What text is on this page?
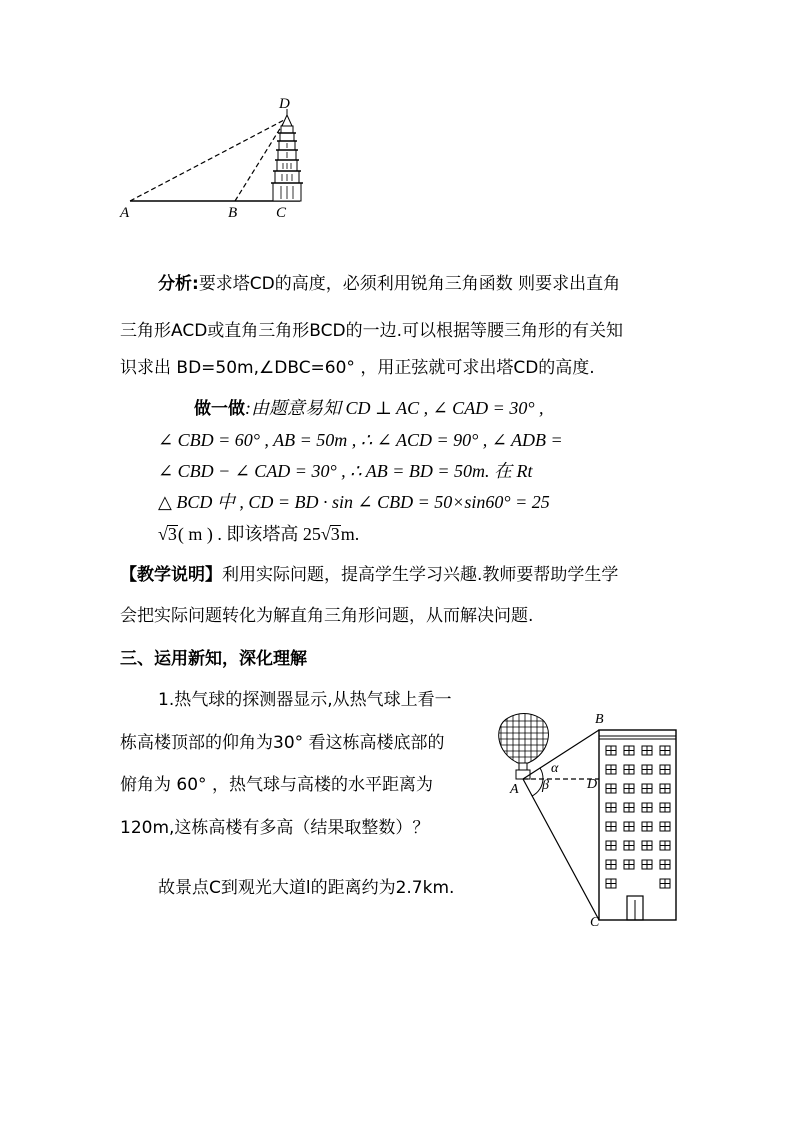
D
A	B	C
分析:要求塔CD的高度，必须利用锐角三角函数 则要求出直角
三角形ACD或直角三角形BCD的一边.可以根据等腰三角形的有关知
识求出 BD=50m,∠DBC=60° ，用正弦就可求出塔CD的高度.
做一做:由题意易知 CD ⊥ AC , ∠ CAD = 30° ,
∠ CBD = 60° , AB = 50m , ∴ ∠ ACD = 90° , ∠ ADB =
∠ CBD − ∠ CAD = 30° , ∴ AB = BD = 50m. 在 Rt
△ BCD 中 , CD = BD · sin ∠ CBD = 50×sin60° = 25
√3( m ) . 即该塔高 25√3m.
【教学说明】利用实际问题，提高学生学习兴趣.教师要帮助学生学
会把实际问题转化为解直角三角形问题，从而解决问题.
三、运用新知，深化理解
1.热气球的探测器显示,从热气球上看一
栋高楼顶部的仰角为30° 看这栋高楼底部的
俯角为 60° ，热气球与高楼的水平距离为
120m,这栋高楼有多高（结果取整数）？
故景点C到观光大道l的距离约为2.7km.
B
A	D
C
α
β
